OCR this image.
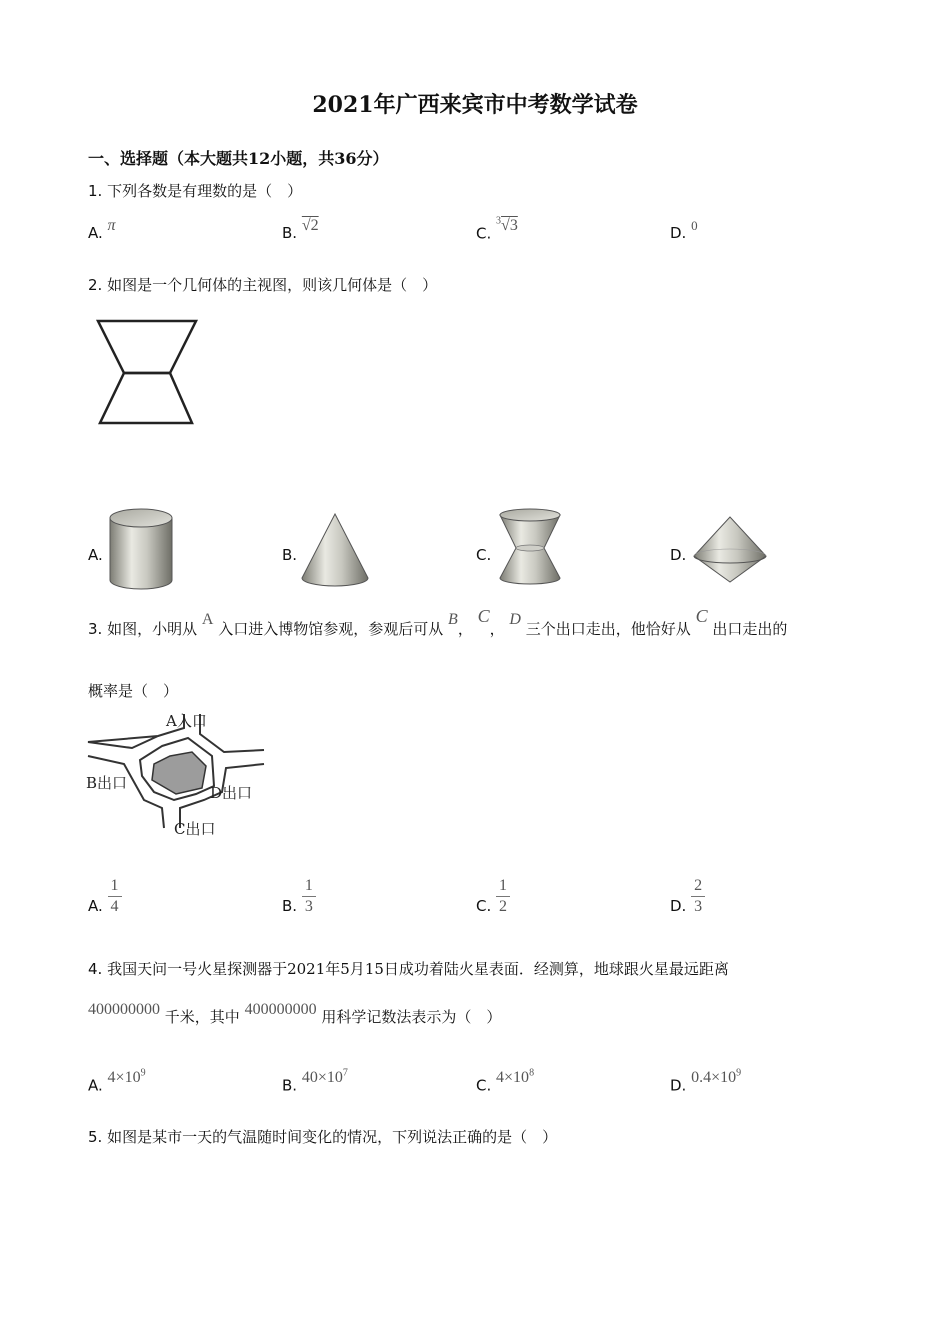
2021年广西来宾市中考数学试卷
一、选择题（本大题共12小题，共36分）
1. 下列各数是有理数的是（　）
A. π	B. √2	C. $^3$√3	D. 0
2. 如图是一个几何体的主视图，则该几何体是（　）
A.	B.	C.	D.
3. 如图，小明从 A 入口进入博物馆参观，参观后可从 B， C， D 三个出口走出，他恰好从 C 出口走出的
概率是（　）
A入口
B出口
D出口
C出口
A. $\frac{1}{4}$	B. $\frac{1}{3}$	C. $\frac{1}{2}$	D. $\frac{2}{3}$
4. 我国天问一号火星探测器于2021年5月15日成功着陆火星表面．经测算，地球跟火星最远距离
400000000 千米，其中 400000000 用科学记数法表示为（　）
A. $4\times 10^9$
B. $40\times 10^7$
C. $4\times 10^8$
D. $0.4\times 10^9$
5. 如图是某市一天的气温随时间变化的情况，下列说法正确的是（　）
